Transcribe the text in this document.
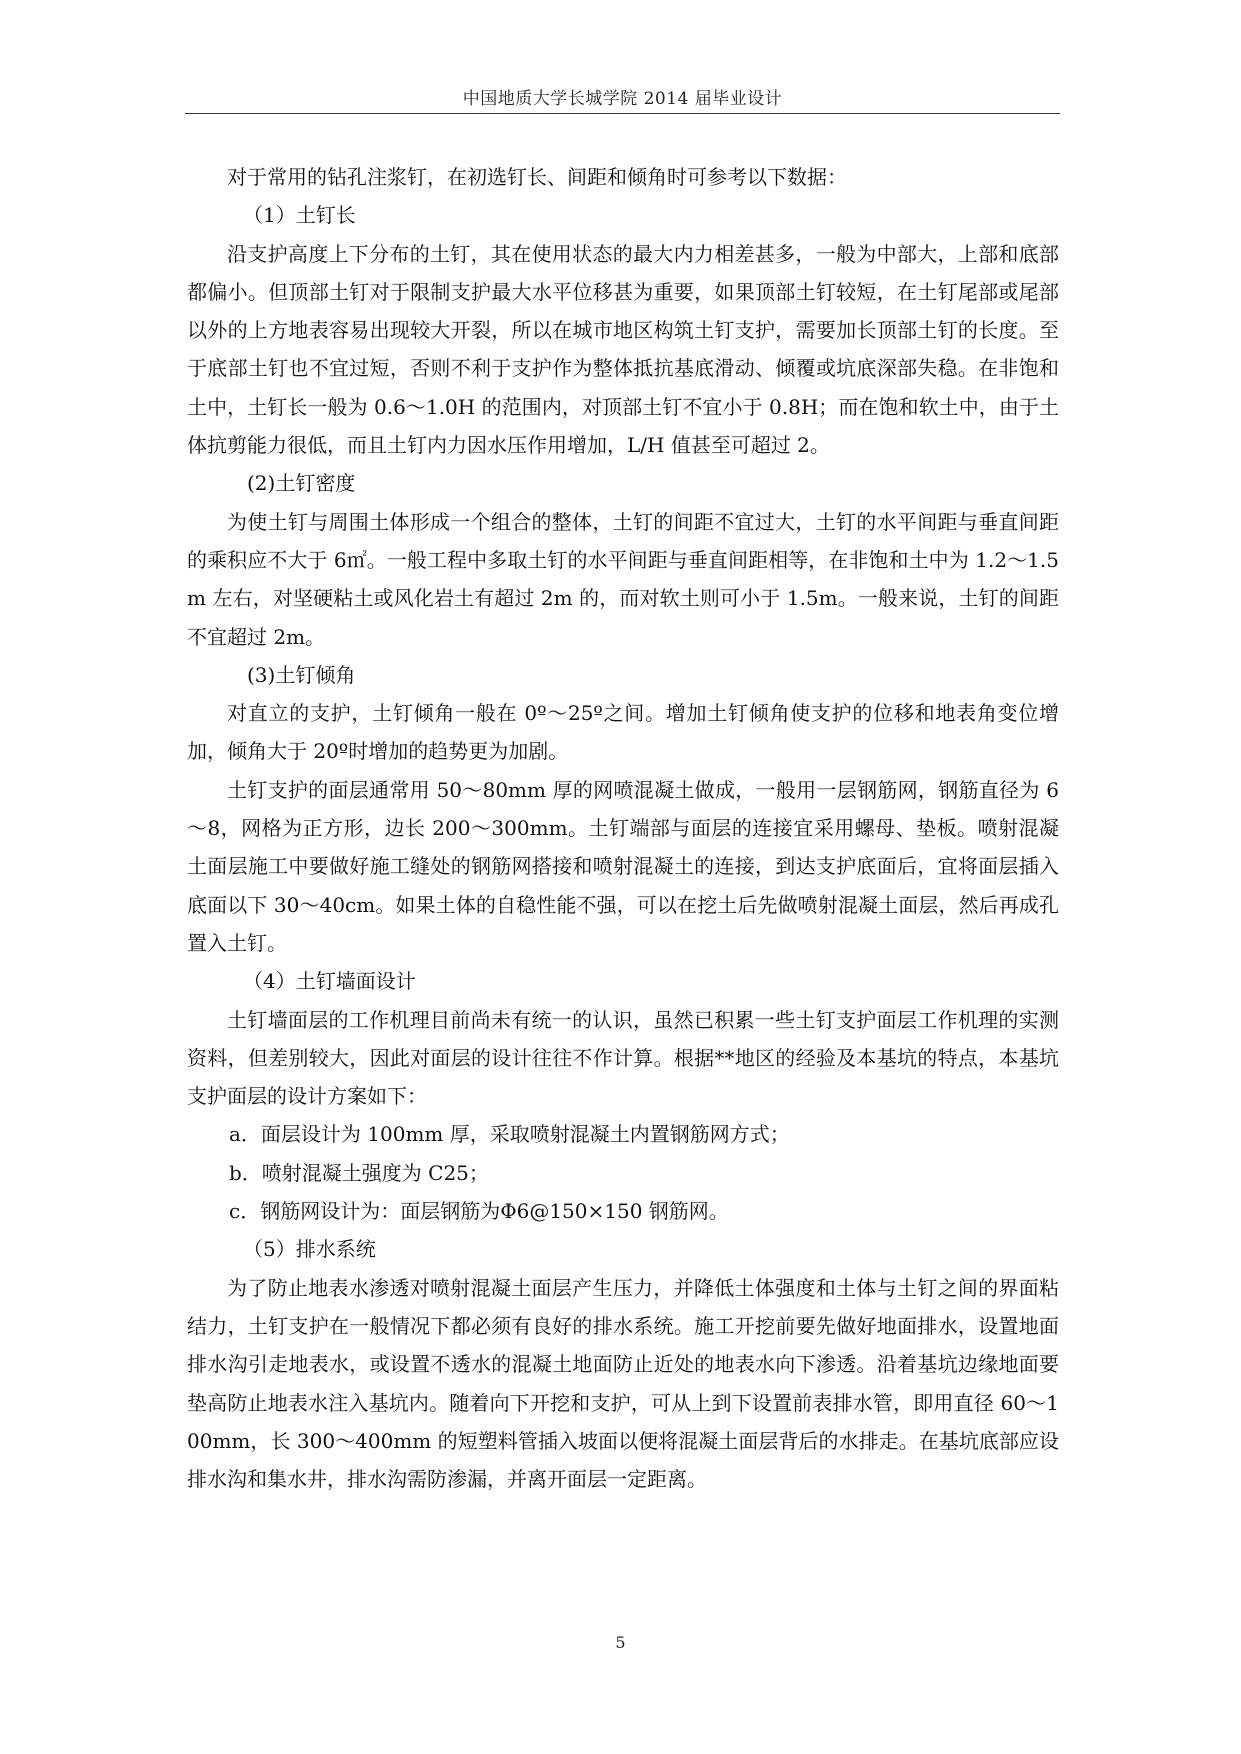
中国地质大学长城学院 2014 届毕业设计

对于常用的钻孔注浆钉，在初选钉长、间距和倾角时可参考以下数据：

（1）土钉长

沿支护高度上下分布的土钉，其在使用状态的最大内力相差甚多，一般为中部大，上部和底部都偏小。但顶部土钉对于限制支护最大水平位移甚为重要，如果顶部土钉较短，在土钉尾部或尾部以外的上方地表容易出现较大开裂，所以在城市地区构筑土钉支护，需要加长顶部土钉的长度。至于底部土钉也不宜过短，否则不利于支护作为整体抵抗基底滑动、倾覆或坑底深部失稳。在非饱和土中，土钉长一般为 0.6～1.0H 的范围内，对顶部土钉不宜小于 0.8H；而在饱和软土中，由于土体抗剪能力很低，而且土钉内力因水压作用增加，L/H 值甚至可超过 2。

(2)土钉密度

为使土钉与周围土体形成一个组合的整体，土钉的间距不宜过大，土钉的水平间距与垂直间距的乘积应不大于 6㎡。一般工程中多取土钉的水平间距与垂直间距相等，在非饱和土中为 1.2～1.5m 左右，对坚硬粘土或风化岩土有超过 2m 的，而对软土则可小于 1.5m。一般来说，土钉的间距不宜超过 2m。

(3)土钉倾角

对直立的支护，土钉倾角一般在 0º～25º之间。增加土钉倾角使支护的位移和地表角变位增加，倾角大于 20º时增加的趋势更为加剧。

土钉支护的面层通常用 50～80mm 厚的网喷混凝土做成，一般用一层钢筋网，钢筋直径为 6～8，网格为正方形，边长 200～300mm。土钉端部与面层的连接宜采用螺母、垫板。喷射混凝土面层施工中要做好施工缝处的钢筋网搭接和喷射混凝土的连接，到达支护底面后，宜将面层插入底面以下 30～40cm。如果土体的自稳性能不强，可以在挖土后先做喷射混凝土面层，然后再成孔置入土钉。

（4）土钉墙面设计

土钉墙面层的工作机理目前尚未有统一的认识，虽然已积累一些土钉支护面层工作机理的实测资料，但差别较大，因此对面层的设计往往不作计算。根据**地区的经验及本基坑的特点，本基坑支护面层的设计方案如下：

a．面层设计为 100mm 厚，采取喷射混凝土内置钢筋网方式；

b．喷射混凝土强度为 C25；

c．钢筋网设计为：面层钢筋为Φ6@150×150 钢筋网。

（5）排水系统

为了防止地表水渗透对喷射混凝土面层产生压力，并降低土体强度和土体与土钉之间的界面粘结力，土钉支护在一般情况下都必须有良好的排水系统。施工开挖前要先做好地面排水，设置地面排水沟引走地表水，或设置不透水的混凝土地面防止近处的地表水向下渗透。沿着基坑边缘地面要垫高防止地表水注入基坑内。随着向下开挖和支护，可从上到下设置前表排水管，即用直径 60～100mm，长 300～400mm 的短塑料管插入坡面以便将混凝土面层背后的水排走。在基坑底部应设排水沟和集水井，排水沟需防渗漏，并离开面层一定距离。

5
